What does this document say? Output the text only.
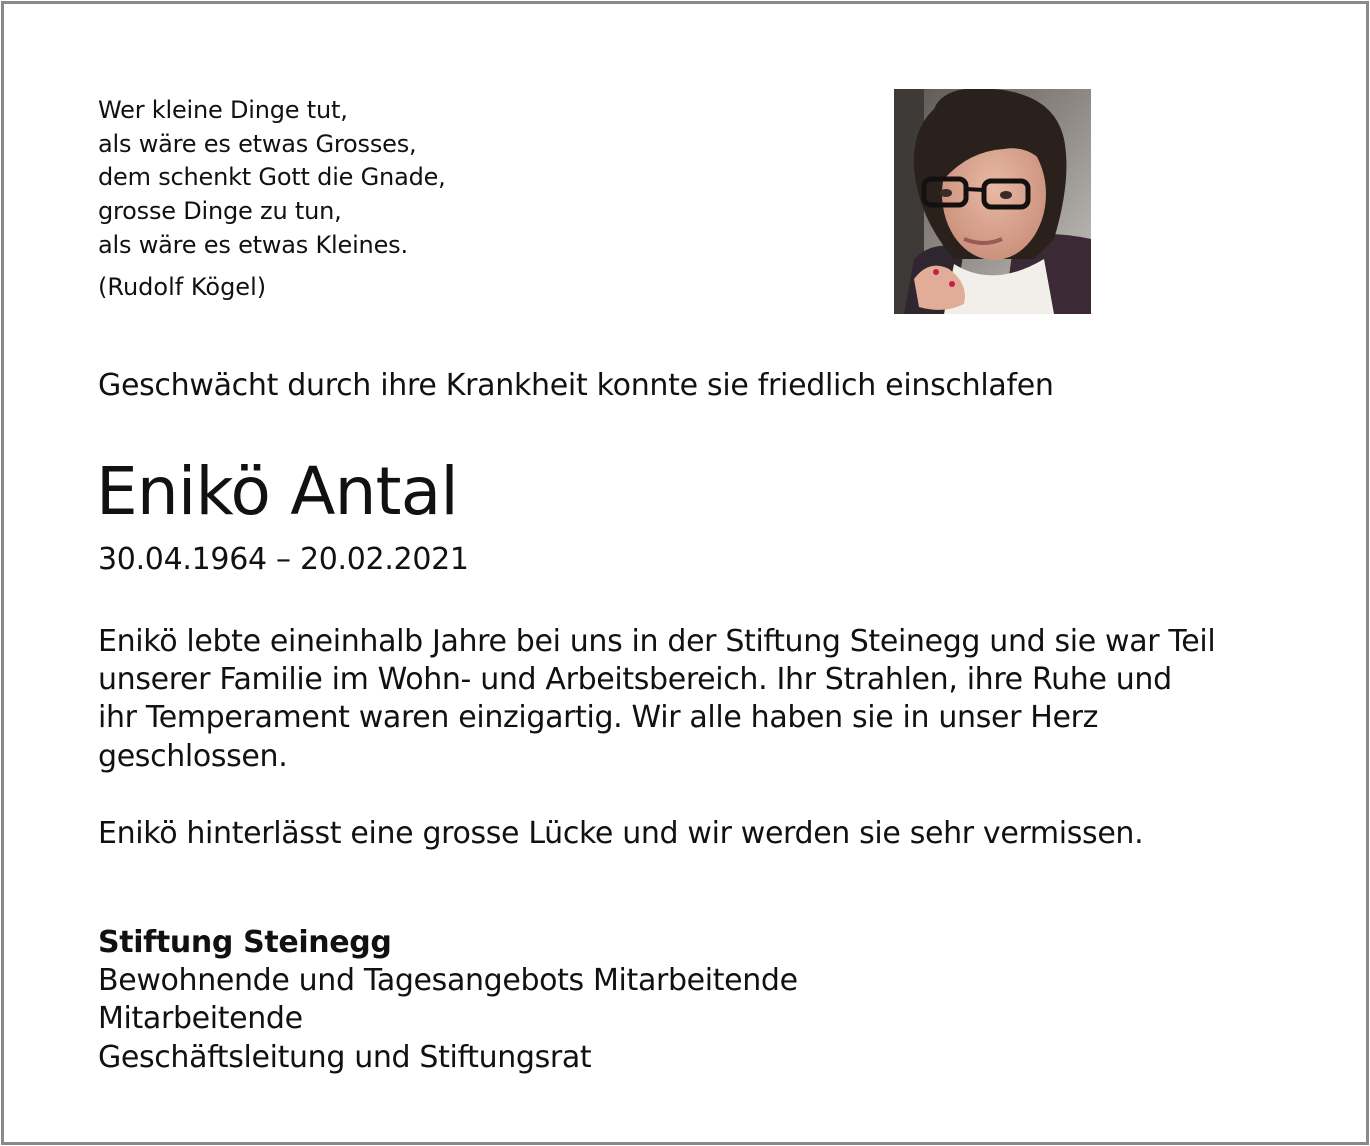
Wer kleine Dinge tut,
als wäre es etwas Grosses,
dem schenkt Gott die Gnade,
grosse Dinge zu tun,
als wäre es etwas Kleines.
(Rudolf Kögel)
Geschwächt durch ihre Krankheit konnte sie friedlich einschlafen
Enikö Antal
30.04.1964 – 20.02.2021
Enikö lebte eineinhalb Jahre bei uns in der Stiftung Steinegg und sie war Teil
unserer Familie im Wohn- und Arbeitsbereich. Ihr Strahlen, ihre Ruhe und
ihr Temperament waren einzigartig. Wir alle haben sie in unser Herz
geschlossen.
Enikö hinterlässt eine grosse Lücke und wir werden sie sehr vermissen.
Stiftung Steinegg
Bewohnende und Tagesangebots Mitarbeitende
Mitarbeitende
Geschäftsleitung und Stiftungsrat
